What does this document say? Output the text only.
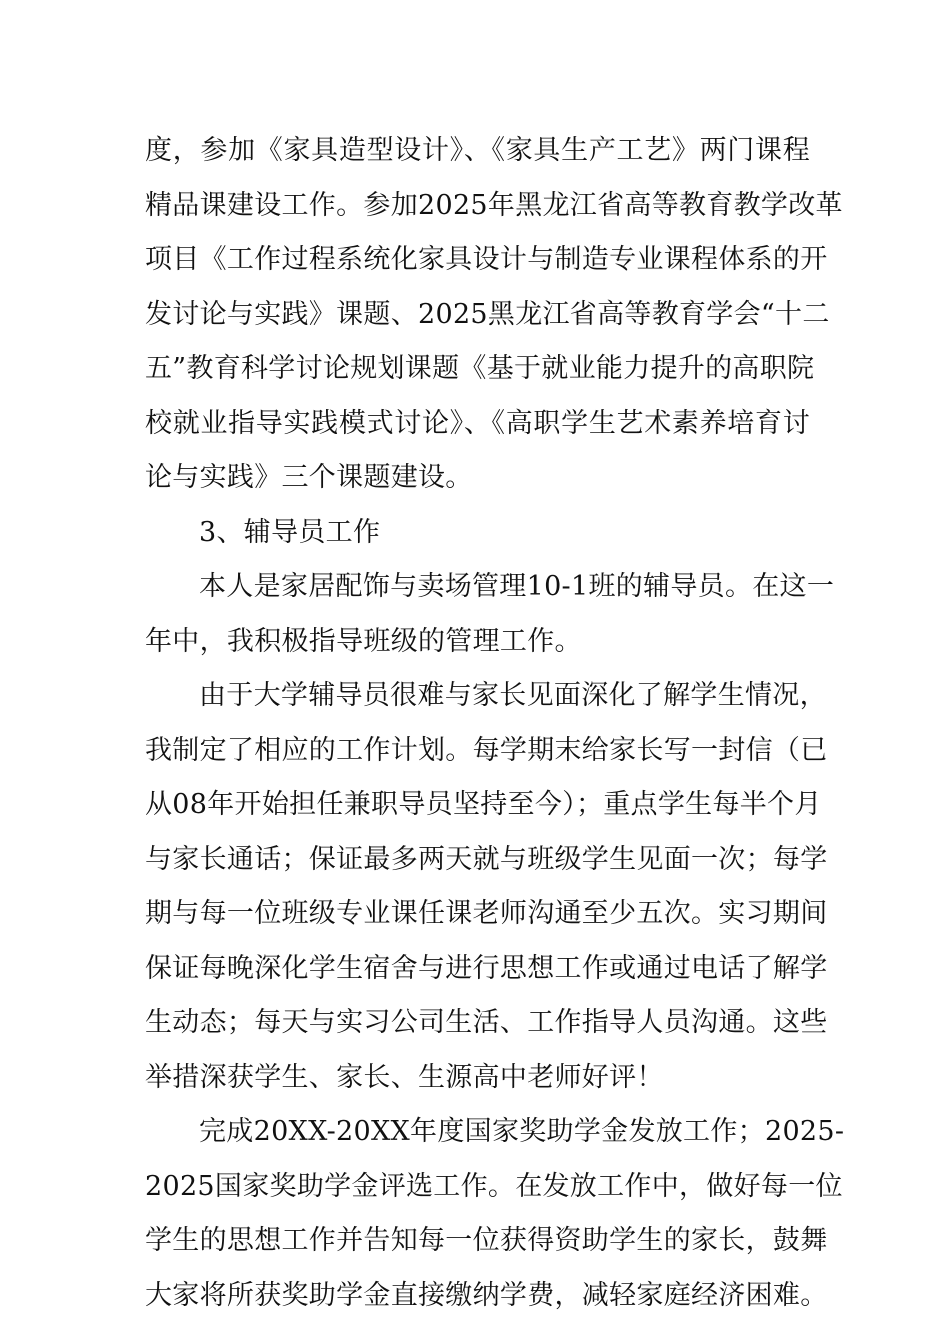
度，参加《家具造型设计》、《家具生产工艺》两门课程
精品课建设工作。参加2025年黑龙江省高等教育教学改革
项目《工作过程系统化家具设计与制造专业课程体系的开
发讨论与实践》课题、2025黑龙江省高等教育学会“十二
五”教育科学讨论规划课题《基于就业能力提升的高职院
校就业指导实践模式讨论》、《高职学生艺术素养培育讨
论与实践》三个课题建设。
3、辅导员工作
本人是家居配饰与卖场管理10-1班的辅导员。在这一
年中，我积极指导班级的管理工作。
由于大学辅导员很难与家长见面深化了解学生情况，
我制定了相应的工作计划。每学期末给家长写一封信（已
从08年开始担任兼职导员坚持至今）；重点学生每半个月
与家长通话；保证最多两天就与班级学生见面一次；每学
期与每一位班级专业课任课老师沟通至少五次。实习期间
保证每晚深化学生宿舍与进行思想工作或通过电话了解学
生动态；每天与实习公司生活、工作指导人员沟通。这些
举措深获学生、家长、生源高中老师好评！
完成20XX-20XX年度国家奖助学金发放工作；2025-
2025国家奖助学金评选工作。在发放工作中，做好每一位
学生的思想工作并告知每一位获得资助学生的家长，鼓舞
大家将所获奖助学金直接缴纳学费，减轻家庭经济困难。
